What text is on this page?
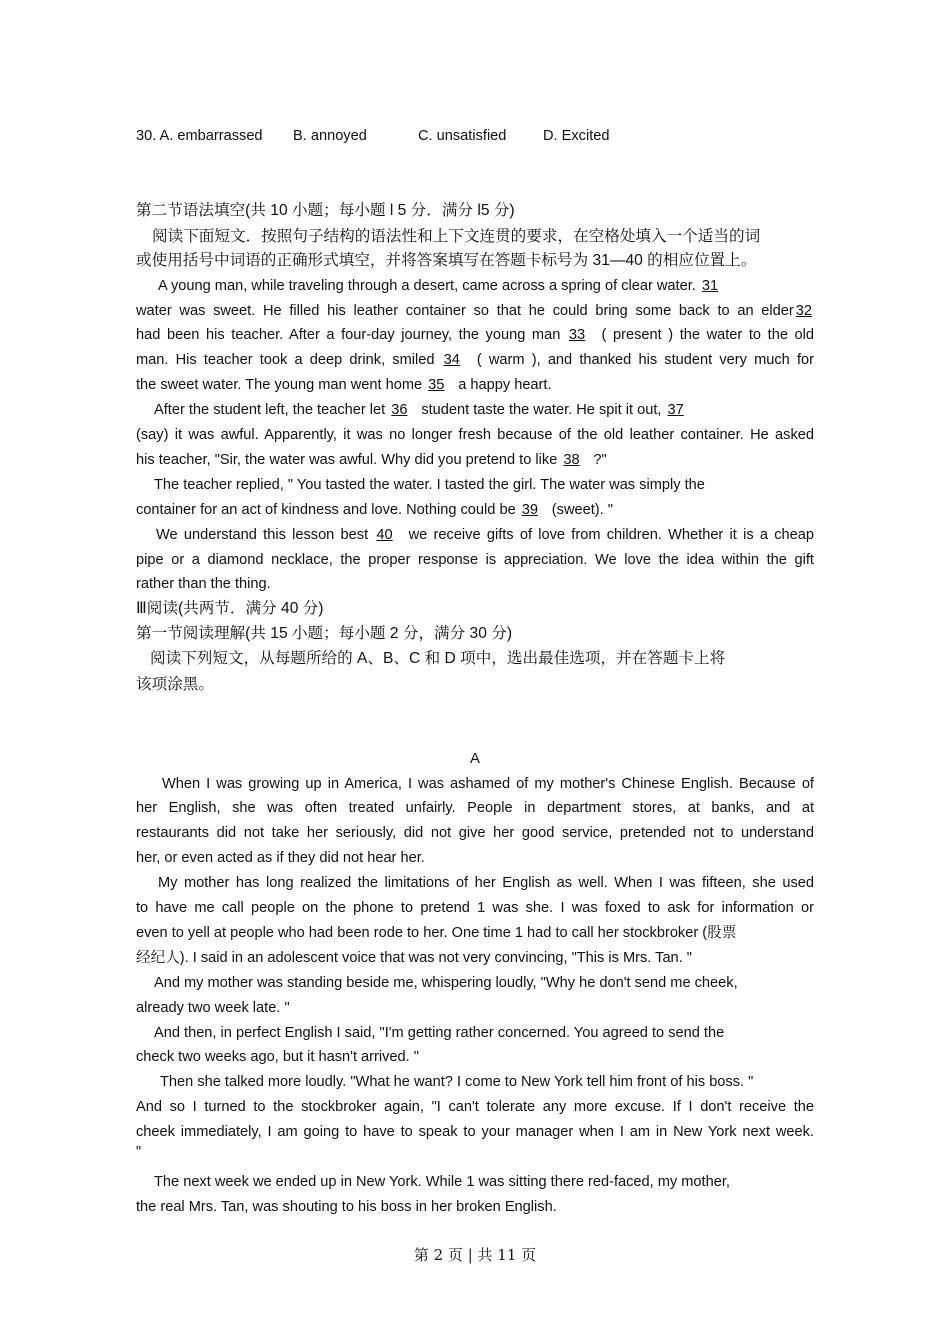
30. A. embarrassed B. annoyed	C. unsatisfied	D. Excited
第二节语法填空(共 10 小题；每小题 l 5 分．满分 l5 分)
阅读下面短文．按照句子结构的语法性和上下文连贯的要求，在空格处填入一个适当的词
或使用括号中词语的正确形式填空，并将答案填写在答题卡标号为 31—40 的相应位置上。
A young man, while traveling through a desert, came across a spring of clear water. 31
water was sweet. He filled his leather container so that he could bring some back to an elder 32
had been his teacher. After a four-day journey, the young man 33 ( present ) the water to the old
man. His teacher took a deep drink, smiled 34 ( warm ), and thanked his student very much for
the sweet water. The young man went home 35 a happy heart.
After the student left, the teacher let 36 student taste the water. He spit it out, 37
(say) it was awful. Apparently, it was no longer fresh because of the old leather container. He asked
his teacher, "Sir, the water was awful. Why did you pretend to like 38 ?"
The teacher replied, " You tasted the water. I tasted the girl. The water was simply the
container for an act of kindness and love. Nothing could be 39 (sweet). "
We understand this lesson best 40 we receive gifts of love from children. Whether it is a cheap
pipe or a diamond necklace, the proper response is appreciation. We love the idea within the gift
rather than the thing.
Ⅲ阅读(共两节．满分 40 分)
第一节阅读理解(共 15 小题；每小题 2 分，满分 30 分)
阅读下列短文，从每题所给的 A、B、C 和 D 项中，选出最佳选项，并在答题卡上将
该项涂黑。
A
When I was growing up in America, I was ashamed of my mother's Chinese English. Because of
her English, she was often treated unfairly. People in department stores, at banks, and at
restaurants did not take her seriously, did not give her good service, pretended not to understand
her, or even acted as if they did not hear her.
My mother has long realized the limitations of her English as well. When I was fifteen, she used
to have me call people on the phone to pretend 1 was she. I was foxed to ask for information or
even to yell at people who had been rode to her. One time 1 had to call her stockbroker (股票
经纪人). I said in an adolescent voice that was not very convincing, "This is Mrs. Tan. "
And my mother was standing beside me, whispering loudly, "Why he don't send me cheek,
already two week late. "
And then, in perfect English I said, "I'm getting rather concerned. You agreed to send the
check two weeks ago, but it hasn't arrived. "
Then she talked more loudly. "What he want? I come to New York tell him front of his boss. "
And so I turned to the stockbroker again, "I can't tolerate any more excuse. If I don't receive the
cheek immediately, I am going to have to speak to your manager when I am in New York next week.
"
The next week we ended up in New York. While 1 was sitting there red-faced, my mother,
the real Mrs. Tan, was shouting to his boss in her broken English.
第 2 页 | 共 11 页
